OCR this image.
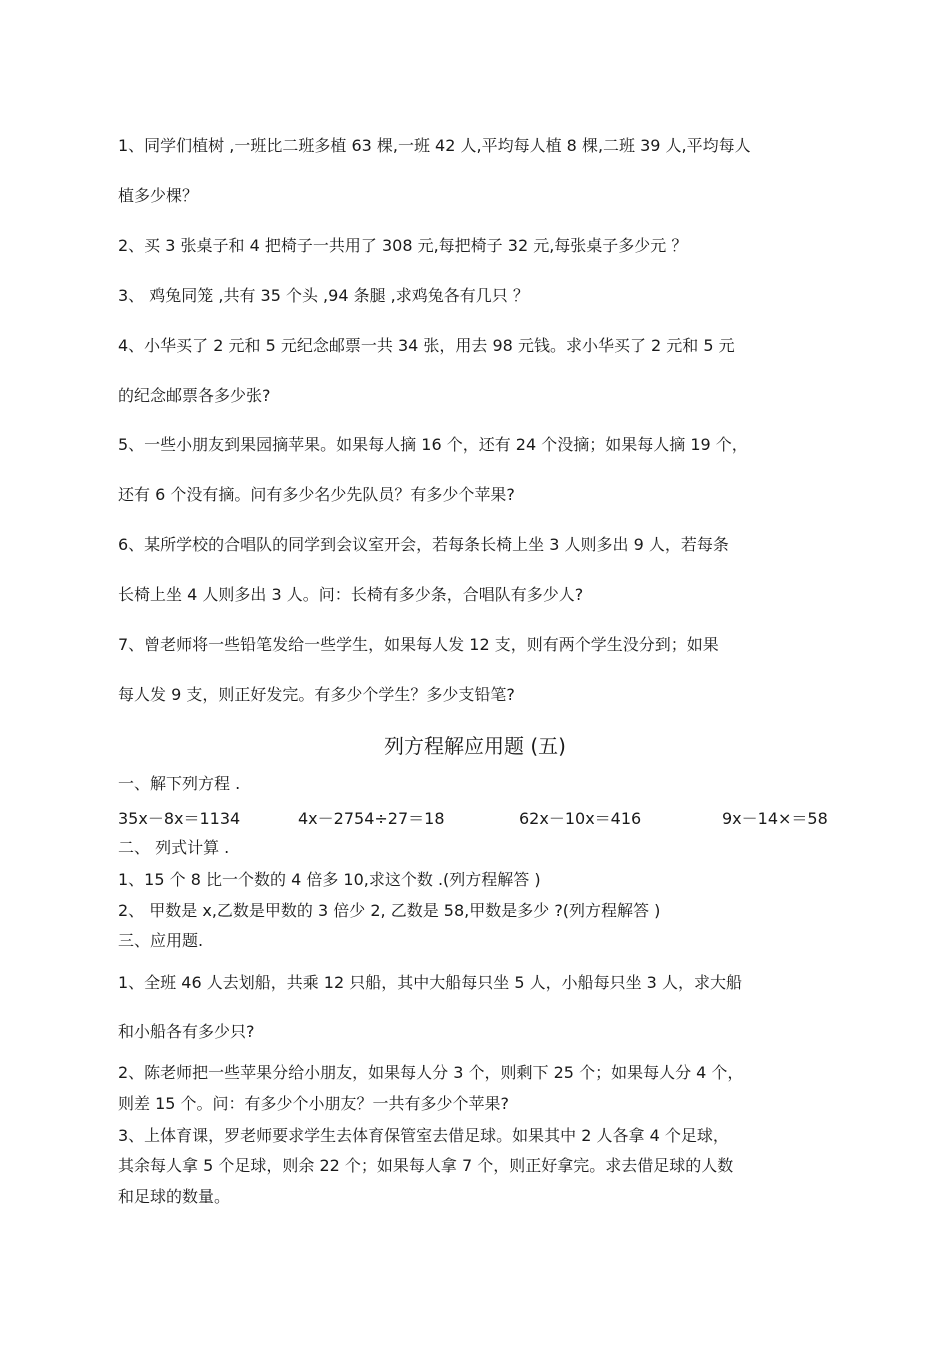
1、同学们植树 ,一班比二班多植 63 棵,一班 42 人,平均每人植 8 棵,二班 39 人,平均每人
植多少棵？
2、买 3 张桌子和 4 把椅子一共用了 308 元,每把椅子 32 元,每张桌子多少元 ？
3、 鸡兔同笼 ,共有 35 个头 ,94 条腿 ,求鸡兔各有几只 ？
4、小华买了 2 元和 5 元纪念邮票一共 34 张，用去 98 元钱。求小华买了 2 元和 5 元
的纪念邮票各多少张?
5、一些小朋友到果园摘苹果。如果每人摘 16 个，还有 24 个没摘；如果每人摘 19 个，
还有 6 个没有摘。问有多少名少先队员？有多少个苹果?
6、某所学校的合唱队的同学到会议室开会，若每条长椅上坐 3 人则多出 9 人，若每条
长椅上坐 4 人则多出 3 人。问：长椅有多少条，合唱队有多少人?
7、曾老师将一些铅笔发给一些学生，如果每人发 12 支，则有两个学生没分到；如果
每人发 9 支，则正好发完。有多少个学生？多少支铅笔?
列方程解应用题 (五)
一、解下列方程 .
35x－8x＝1134	4x－2754÷27＝18	62x－10x＝416	9x－14×＝58
二、 列式计算 .
1、15 个 8 比一个数的 4 倍多 10,求这个数 .(列方程解答 )
2、 甲数是 x,乙数是甲数的 3 倍少 2, 乙数是 58,甲数是多少 ?(列方程解答 )
三、应用题.
1、全班 46 人去划船，共乘 12 只船，其中大船每只坐 5 人，小船每只坐 3 人，求大船
和小船各有多少只?
2、陈老师把一些苹果分给小朋友，如果每人分 3 个，则剩下 25 个；如果每人分 4 个，
则差 15 个。问：有多少个小朋友？一共有多少个苹果?
3、上体育课，罗老师要求学生去体育保管室去借足球。如果其中 2 人各拿 4 个足球，
其余每人拿 5 个足球，则余 22 个；如果每人拿 7 个，则正好拿完。求去借足球的人数
和足球的数量。
